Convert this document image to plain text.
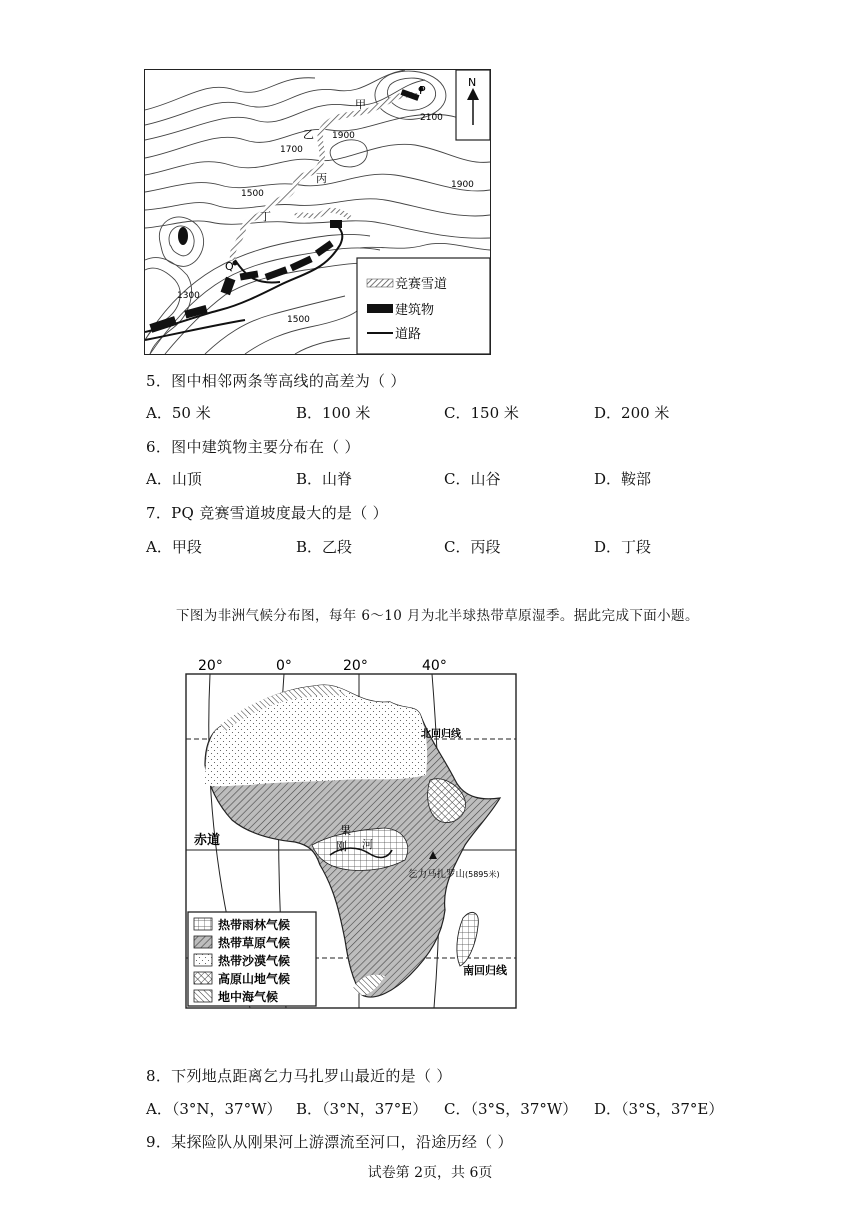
N
甲
乙
丙
丁
P
Q
2100
1900
1900
1700
1500
1500
1300
竞赛雪道
建筑物
道路
5．图中相邻两条等高线的高差为（ ）
A．50 米	B．100 米	C．150 米	D．200 米
6．图中建筑物主要分布在（ ）
A．山顶	B．山脊	C．山谷	D．鞍部
7．PQ 竞赛雪道坡度最大的是（ ）
A．甲段	B．乙段	C．丙段	D．丁段
下图为非洲气候分布图，每年 6～10 月为北半球热带草原湿季。据此完成下面小题。
20°	0°	20°	40°
赤道
北回归线
南回归线
刚
果
河
乞力马扎罗山 (5895米)
热带雨林气候
热带草原气候
热带沙漠气候
高原山地气候
地中海气候
8．下列地点距离乞力马扎罗山最近的是（ ）
A．（3°N，37°W） B．（3°N，37°E） C．（3°S，37°W） D．（3°S，37°E）
9．某探险队从刚果河上游漂流至河口，沿途历经（ ）
试卷第 2页，共 6页
